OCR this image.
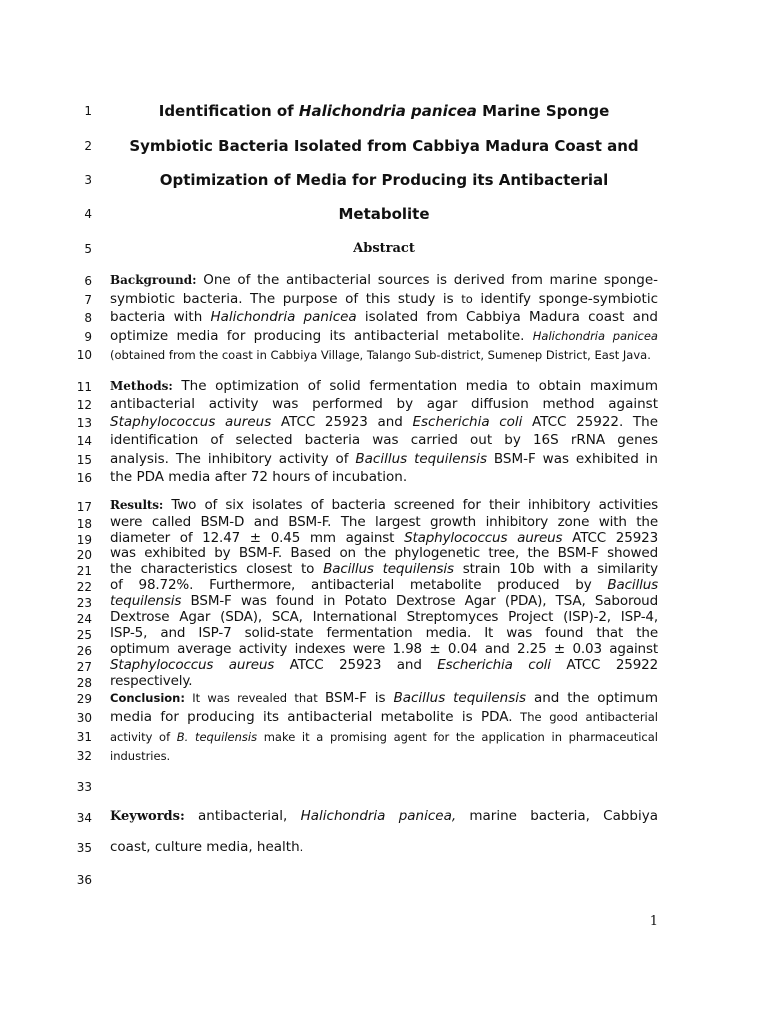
1
2
3
4
5
6
7
8
9
10
11
12
13
14
15
16
17
18
19
20
21
22
23
24
25
26
27
28
29
30
31
32
33
34
35
36
Identification of Halichondria panicea Marine Sponge
Symbiotic Bacteria Isolated from Cabbiya Madura Coast and
Optimization of Media for Producing its Antibacterial
Metabolite
Abstract
Background: One of the antibacterial sources is derived from marine sponge-
symbiotic bacteria. The purpose of this study is to identify sponge-symbiotic
bacteria with Halichondria panicea isolated from Cabbiya Madura coast and
optimize media for producing its antibacterial metabolite. Halichondria panicea
(obtained from the coast in Cabbiya Village, Talango Sub-district, Sumenep District, East Java.
Methods: The optimization of solid fermentation media to obtain maximum
antibacterial activity was performed by agar diffusion method against
Staphylococcus aureus ATCC 25923 and Escherichia coli ATCC 25922. The
identification of selected bacteria was carried out by 16S rRNA genes
analysis. The inhibitory activity of Bacillus tequilensis BSM-F was exhibited in
the PDA media after 72 hours of incubation.
Results: Two of six isolates of bacteria screened for their inhibitory activities
were called BSM-D and BSM-F. The largest growth inhibitory zone with the
diameter of 12.47 ± 0.45 mm against Staphylococcus aureus ATCC 25923
was exhibited by BSM-F. Based on the phylogenetic tree, the BSM-F showed
the characteristics closest to Bacillus tequilensis strain 10b with a similarity
of 98.72%. Furthermore, antibacterial metabolite produced by Bacillus
tequilensis BSM-F was found in Potato Dextrose Agar (PDA), TSA, Saboroud
Dextrose Agar (SDA), SCA, International Streptomyces Project (ISP)-2, ISP-4,
ISP-5, and ISP-7 solid-state fermentation media. It was found that the
optimum average activity indexes were 1.98 ± 0.04 and 2.25 ± 0.03 against
Staphylococcus aureus ATCC 25923 and Escherichia coli ATCC 25922
respectively.
Conclusion: It was revealed that BSM-F is Bacillus tequilensis and the optimum
media for producing its antibacterial metabolite is PDA. The good antibacterial
activity of B. tequilensis make it a promising agent for the application in pharmaceutical
industries.
Keywords: antibacterial, Halichondria panicea, marine bacteria, Cabbiya
coast, culture media, health.
1
